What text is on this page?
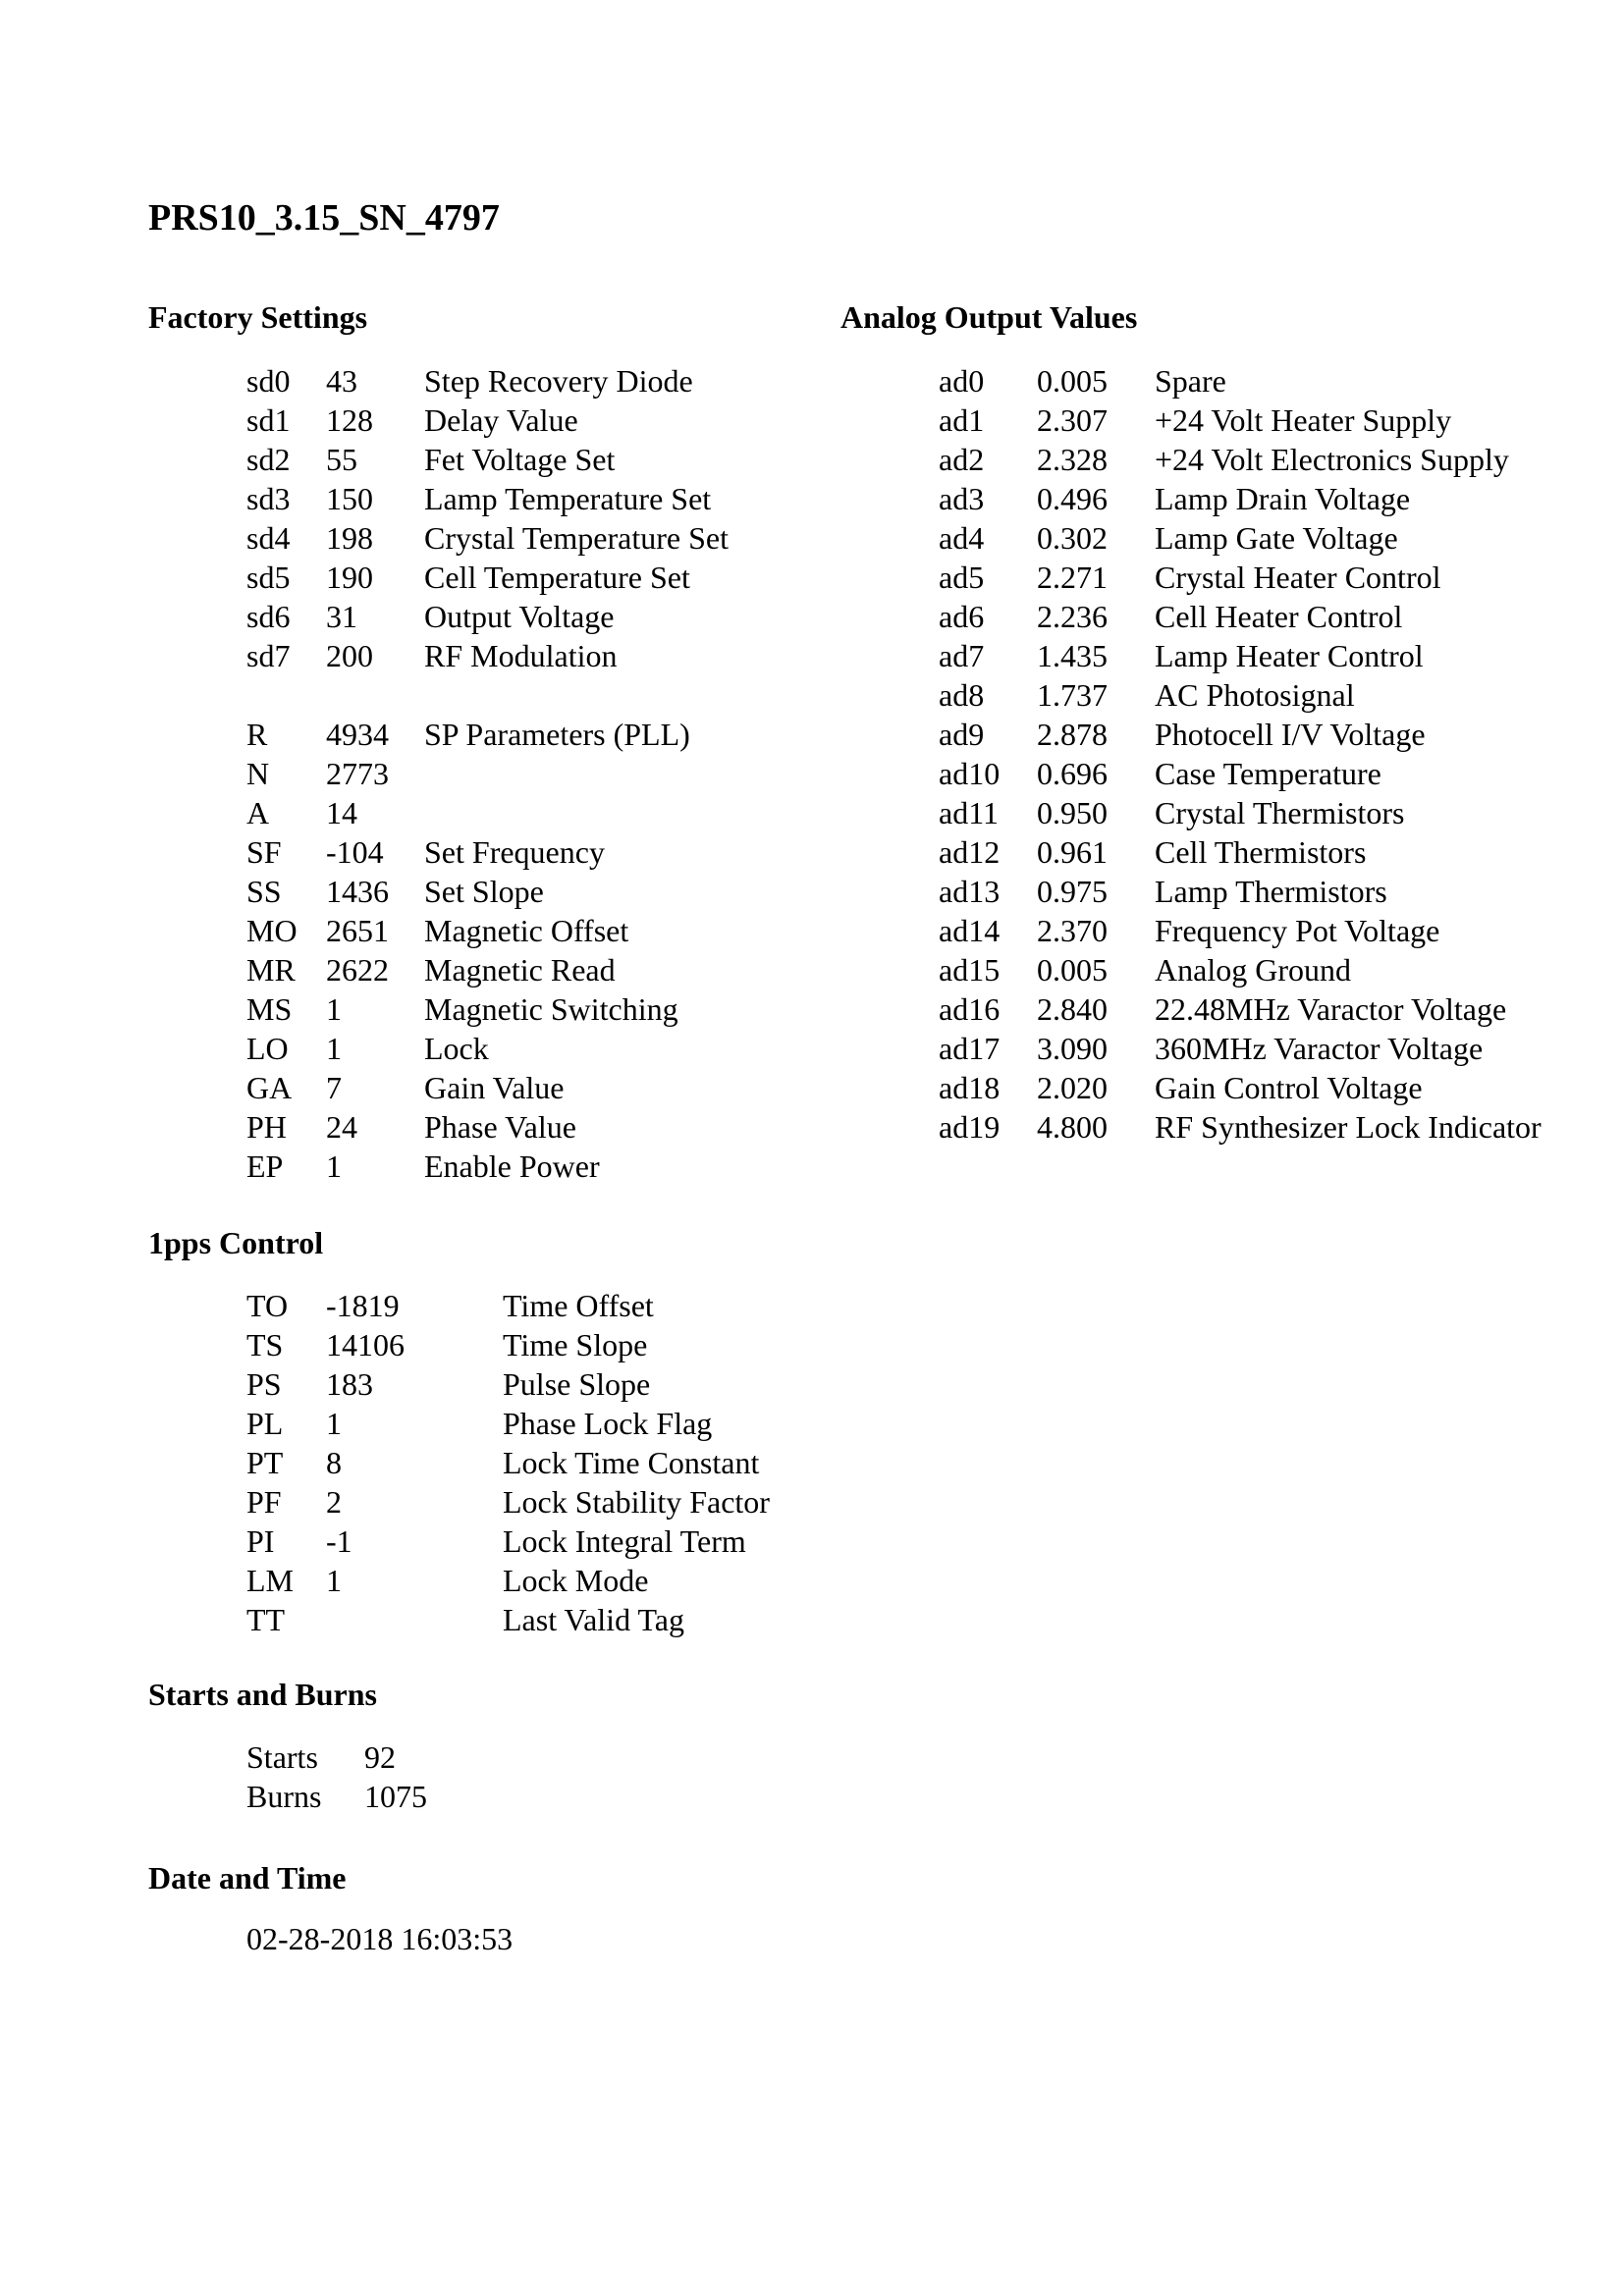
PRS10_3.15_SN_4797
Factory Settings
sd0 43 Step Recovery Diode
sd1 128 Delay Value
sd2 55 Fet Voltage Set
sd3 150 Lamp Temperature Set
sd4 198 Crystal Temperature Set
sd5 190 Cell Temperature Set
sd6 31 Output Voltage
sd7 200 RF Modulation
R 4934 SP Parameters (PLL)
N 2773
A 14
SF -104 Set Frequency
SS 1436 Set Slope
MO 2651 Magnetic Offset
MR 2622 Magnetic Read
MS 1	Magnetic Switching
LO 1	Lock
GA 7	Gain Value
PH 24 Phase Value
EP 1	Enable Power
Analog Output Values
ad0 0.005 Spare
ad1 2.307 +24 Volt Heater Supply
ad2 2.328 +24 Volt Electronics Supply
ad3 0.496 Lamp Drain Voltage
ad4 0.302 Lamp Gate Voltage
ad5 2.271 Crystal Heater Control
ad6 2.236 Cell Heater Control
ad7 1.435 Lamp Heater Control
ad8 1.737 AC Photosignal
ad9 2.878 Photocell I/V Voltage
ad10 0.696 Case Temperature
ad11 0.950 Crystal Thermistors
ad12 0.961 Cell Thermistors
ad13 0.975 Lamp Thermistors
ad14 2.370 Frequency Pot Voltage
ad15 0.005 Analog Ground
ad16 2.840 22.48MHz Varactor Voltage
ad17 3.090 360MHz Varactor Voltage
ad18 2.020 Gain Control Voltage
ad19 4.800 RF Synthesizer Lock Indicator
1pps Control
TO -1819	Time Offset
TS 14106	Time Slope
PS 183	Pulse Slope
PL 1	Phase Lock Flag
PT 8	Lock Time Constant
PF 2	Lock Stability Factor
PI -1	Lock Integral Term
LM 1	Lock Mode
TT	Last Valid Tag
Starts and Burns
Starts 92
Burns 1075
Date and Time
02-28-2018 16:03:53
